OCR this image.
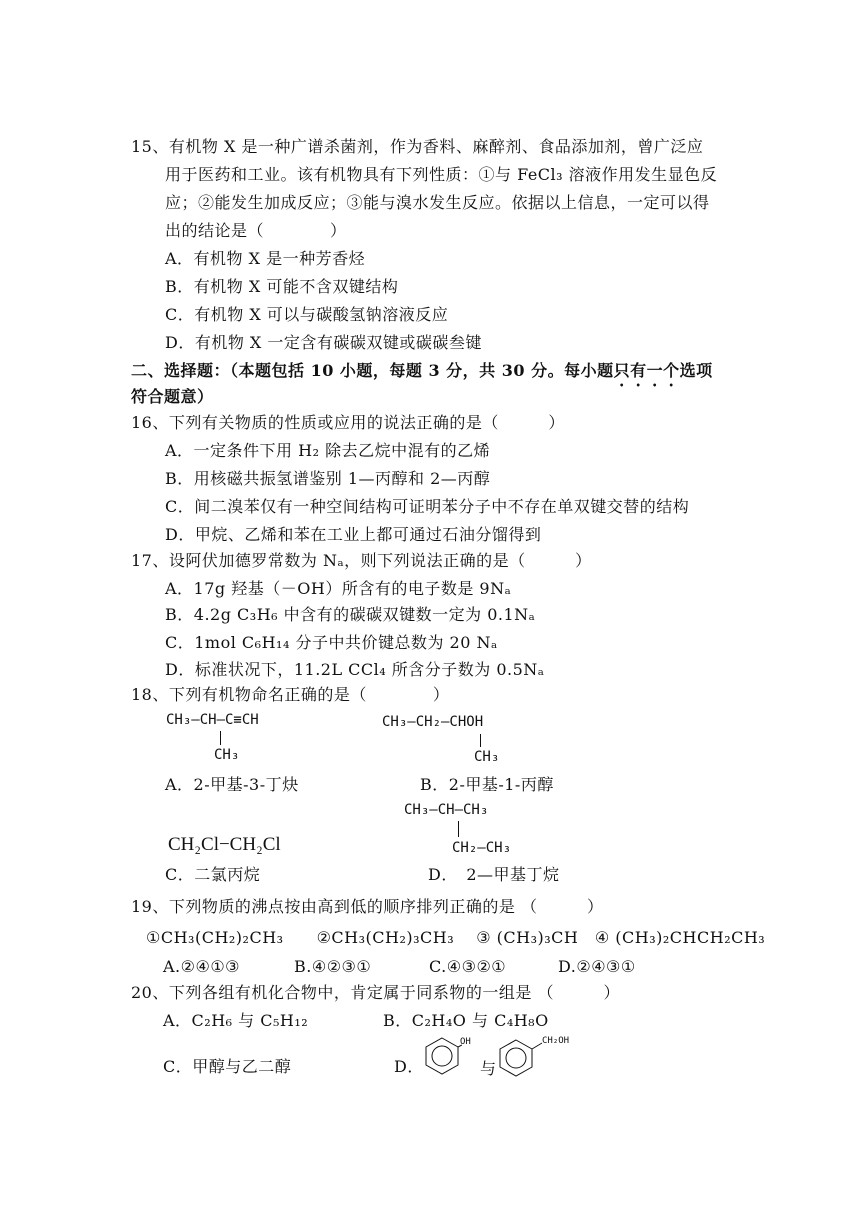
15、有机物 X 是一种广谱杀菌剂，作为香料、麻醉剂、食品添加剂，曾广泛应
用于医药和工业。该有机物具有下列性质：①与 FeCl₃ 溶液作用发生显色反
应；②能发生加成反应；③能与溴水发生反应。依据以上信息，一定可以得
出的结论是（　　　　）
A．有机物 X 是一种芳香烃
B．有机物 X 可能不含双键结构
C．有机物 X 可以与碳酸氢钠溶液反应
D．有机物 X 一定含有碳碳双键或碳碳叁键
二、选择题：（本题包括 10 小题，每题 3 分，共 30 分。每小题只有一个选项
符合题意）
16、下列有关物质的性质或应用的说法正确的是（　　　）
A．一定条件下用 H₂ 除去乙烷中混有的乙烯
B．用核磁共振氢谱鉴别 1—丙醇和 2—丙醇
C．间二溴苯仅有一种空间结构可证明苯分子中不存在单双键交替的结构
D．甲烷、乙烯和苯在工业上都可通过石油分馏得到
17、设阿伏加德罗常数为 Nₐ，则下列说法正确的是（　　　）
A．17g 羟基（－OH）所含有的电子数是 9Nₐ
B．4.2g C₃H₆ 中含有的碳碳双键数一定为 0.1Nₐ
C．1mol C₆H₁₄ 分子中共价键总数为 20 Nₐ
D．标准状况下，11.2L CCl₄ 所含分子数为 0.5Nₐ
18、下列有机物命名正确的是（　　　　）
CH₃—CH—C≡CH
CH₃
CH₃—CH₂—CHOH
CH₃
A．2-甲基-3-丁炔	B．2-甲基-1-丙醇
CH₃—CH—CH₃
CH₂—CH₃
CH₂Cl−CH₂Cl
C．二氯丙烷	D．　2—甲基丁烷
19、下列物质的沸点按由高到低的顺序排列正确的是 （　　　）
①CH₃(CH₂)₂CH₃　　②CH₃(CH₂)₃CH₃　 ③ (CH₃)₃CH　④ (CH₃)₂CHCH₂CH₃
A.②④①③	B.④②③①	C.④③②①	D.②④③①
20、下列各组有机化合物中，肯定属于同系物的一组是 （　　　）
A．C₂H₆ 与 C₅H₁₂	B．C₂H₄O 与 C₄H₈O
C．甲醇与乙二醇	D．
OH
与
CH₂OH
